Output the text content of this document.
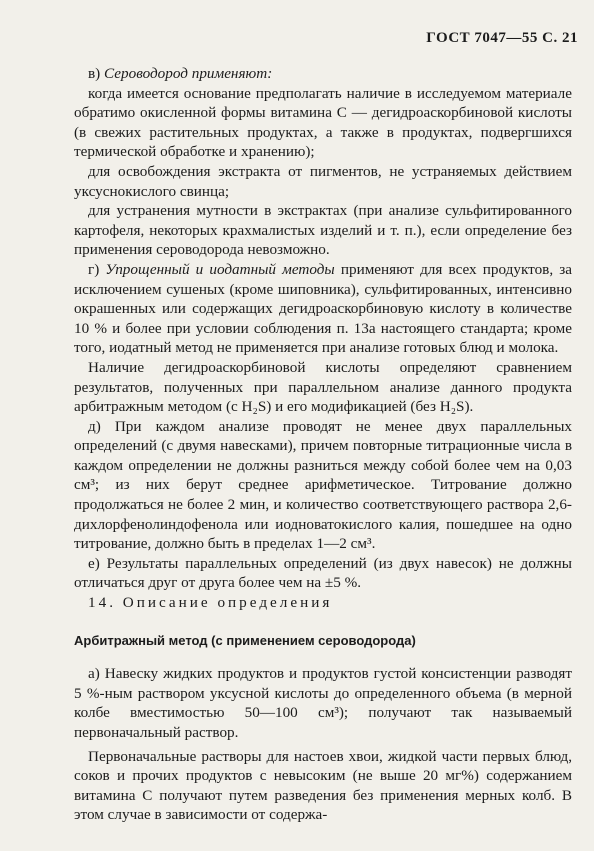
ГОСТ 7047—55 С. 21

в) Сероводород применяют:

когда имеется основание предполагать наличие в исследуемом материале обратимо окисленной формы витамина С — дегидроаскорбиновой кислоты (в свежих растительных продуктах, а также в продуктах, подвергшихся термической обработке и хранению);

для освобождения экстракта от пигментов, не устраняемых действием уксуснокислого свинца;

для устранения мутности в экстрактах (при анализе сульфитированного картофеля, некоторых крахмалистых изделий и т. п.), если определение без применения сероводорода невозможно.

г) Упрощенный и иодатный методы применяют для всех продуктов, за исключением сушеных (кроме шиповника), сульфитированных, интенсивно окрашенных или содержащих дегидроаскорбиновую кислоту в количестве 10 % и более при условии соблюдения п. 13а настоящего стандарта; кроме того, иодатный метод не применяется при анализе готовых блюд и молока.

Наличие дегидроаскорбиновой кислоты определяют сравнением результатов, полученных при параллельном анализе данного продукта арбитражным методом (с H₂S) и его модификацией (без H₂S).

д) При каждом анализе проводят не менее двух параллельных определений (с двумя навесками), причем повторные титрационные числа в каждом определении не должны разниться между собой более чем на 0,03 см³; из них берут среднее арифметическое. Титрование должно продолжаться не более 2 мин, и количество соответствующего раствора 2,6-дихлорфенолиндофенола или иодноватокислого калия, пошедшее на одно титрование, должно быть в пределах 1—2 см³.

е) Результаты параллельных определений (из двух навесок) не должны отличаться друг от друга более чем на ±5 %.

14. Описание определения

Арбитражный метод (с применением сероводорода)

а) Навеску жидких продуктов и продуктов густой консистенции разводят 5 %-ным раствором уксусной кислоты до определенного объема (в мерной колбе вместимостью 50—100 см³); получают так называемый первоначальный раствор.

Первоначальные растворы для настоев хвои, жидкой части первых блюд, соков и прочих продуктов с невысоким (не выше 20 мг%) содержанием витамина С получают путем разведения без применения мерных колб. В этом случае в зависимости от содержа-
